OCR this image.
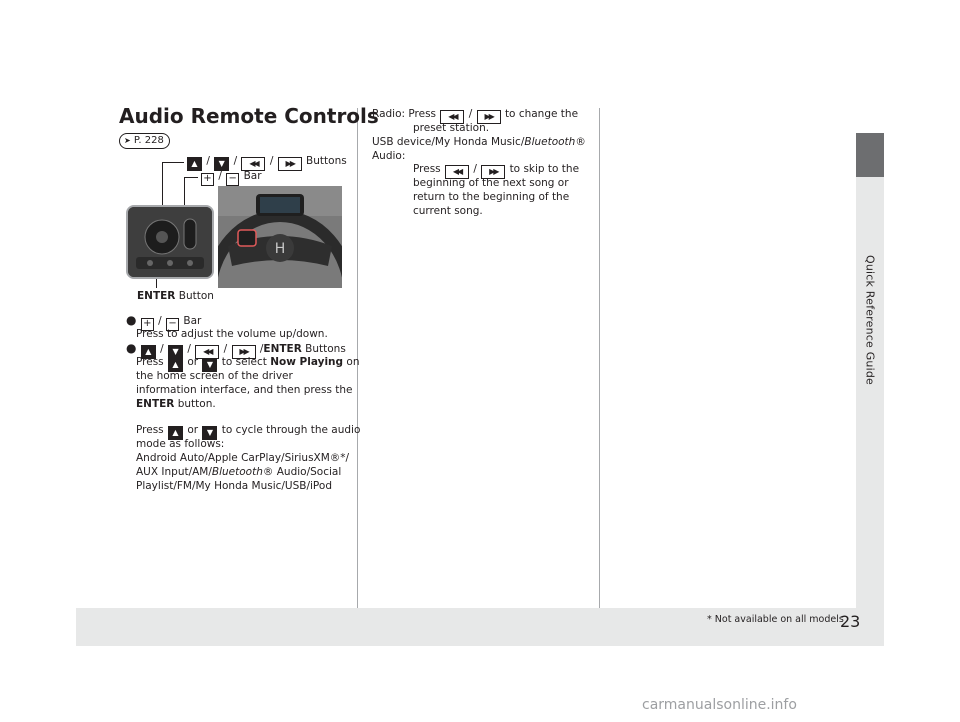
Quick Reference Guide
Audio Remote Controls
➤ P. 228
▲ / ▼ / ◀◀ / ▶▶ Buttons
+ / − Bar
H
ENTER Button
● + / − Bar
Press to adjust the volume up/down.
● ▲ / ▼ / ◀◀ / ▶▶ /ENTER Buttons
Press ▲ or ▼ to select Now Playing on
the home screen of the driver
information interface, and then press the
ENTER button.
Press ▲ or ▼ to cycle through the audio
mode as follows:
Android Auto/Apple CarPlay/SiriusXM®*/
AUX Input/AM/Bluetooth® Audio/Social
Playlist/FM/My Honda Music/USB/iPod
Radio: Press ◀◀ / ▶▶ to change the
preset station.
USB device/My Honda Music/Bluetooth®
Audio:
Press ◀◀ / ▶▶ to skip to the
beginning of the next song or
return to the beginning of the
current song.
* Not available on all models
23
carmanualsonline.info
